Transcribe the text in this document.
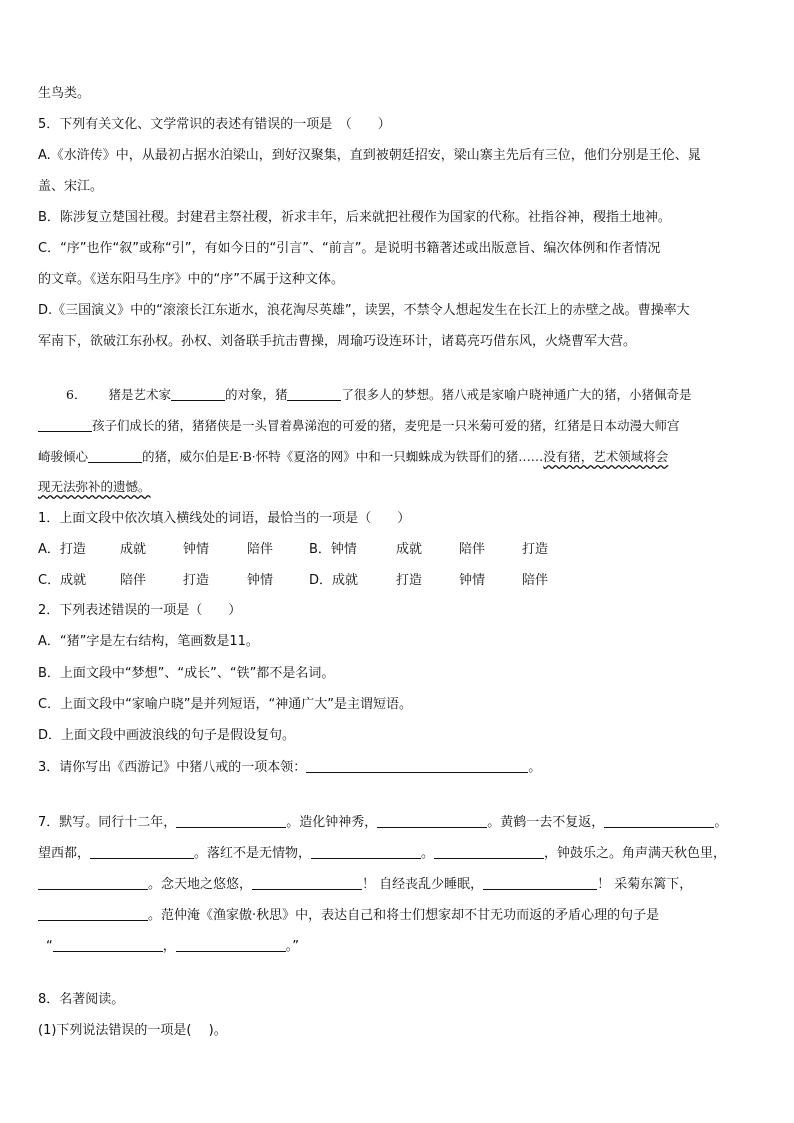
生鸟类。
5．下列有关文化、文学常识的表述有错误的一项是　（　　）
A.《水浒传》中，从最初占据水泊梁山，到好汉聚集，直到被朝廷招安，梁山寨主先后有三位，他们分别是王伦、晁
盖、宋江。
B．陈涉复立楚国社稷。封建君主祭社稷，祈求丰年，后来就把社稷作为国家的代称。社指谷神，稷指土地神。
C．“序”也作“叙”或称“引”，有如今日的“引言”、“前言”。是说明书籍著述或出版意旨、编次体例和作者情况
的文章。《送东阳马生序》中的“序”不属于这种文体。
D.《三国演义》中的“滚滚长江东逝水，浪花淘尽英雄”，读罢，不禁令人想起发生在长江上的赤壁之战。曹操率大
军南下，欲破江东孙权。孙权、刘备联手抗击曹操，周瑜巧设连环计，诸葛亮巧借东风，火烧曹军大营。
6． 猪是艺术家	的对象，猪	了很多人的梦想。猪八戒是家喻户晓神通广大的猪，小猪佩奇是
孩子们成长的猪，猪猪侠是一头冒着鼻涕泡的可爱的猪，麦兜是一只米菊可爱的猪，红猪是日本动漫大师宫
崎骏倾心	的猪，威尔伯是E·B·怀特《夏洛的网》中和一只蜘蛛成为铁哥们的猪……没有猪，艺术领域将会
现无法弥补的遗憾。
1．上面文段中依次填入横线处的词语，最恰当的一项是（　　）
A．打造	成就	钟情	陪伴	B．钟情	成就	陪伴	打造
C．成就	陪伴	打造	钟情	D．成就	打造	钟情	陪伴
2．下列表述错误的一项是（　　）
A．“猪”字是左右结构，笔画数是11。
B．上面文段中“梦想”、“成长”、“铁”都不是名词。
C．上面文段中“家喻户晓”是并列短语，“神通广大”是主谓短语。
D．上面文段中画波浪线的句子是假设复句。
3．请你写出《西游记》中猪八戒的一项本领：	。
7．默写。同行十二年，	。造化钟神秀，	。黄鹤一去不复返，	。
望西都，	。落红不是无情物，	。	，钟鼓乐之。角声满天秋色里，
。念天地之悠悠，	！ 自经丧乱少睡眠，	！ 采菊东篱下，
。范仲淹《渔家傲·秋思》中，表达自己和将士们想家却不甘无功而返的矛盾心理的句子是
“	，	。”
8．名著阅读。
(1)下列说法错误的一项是(　 )。
